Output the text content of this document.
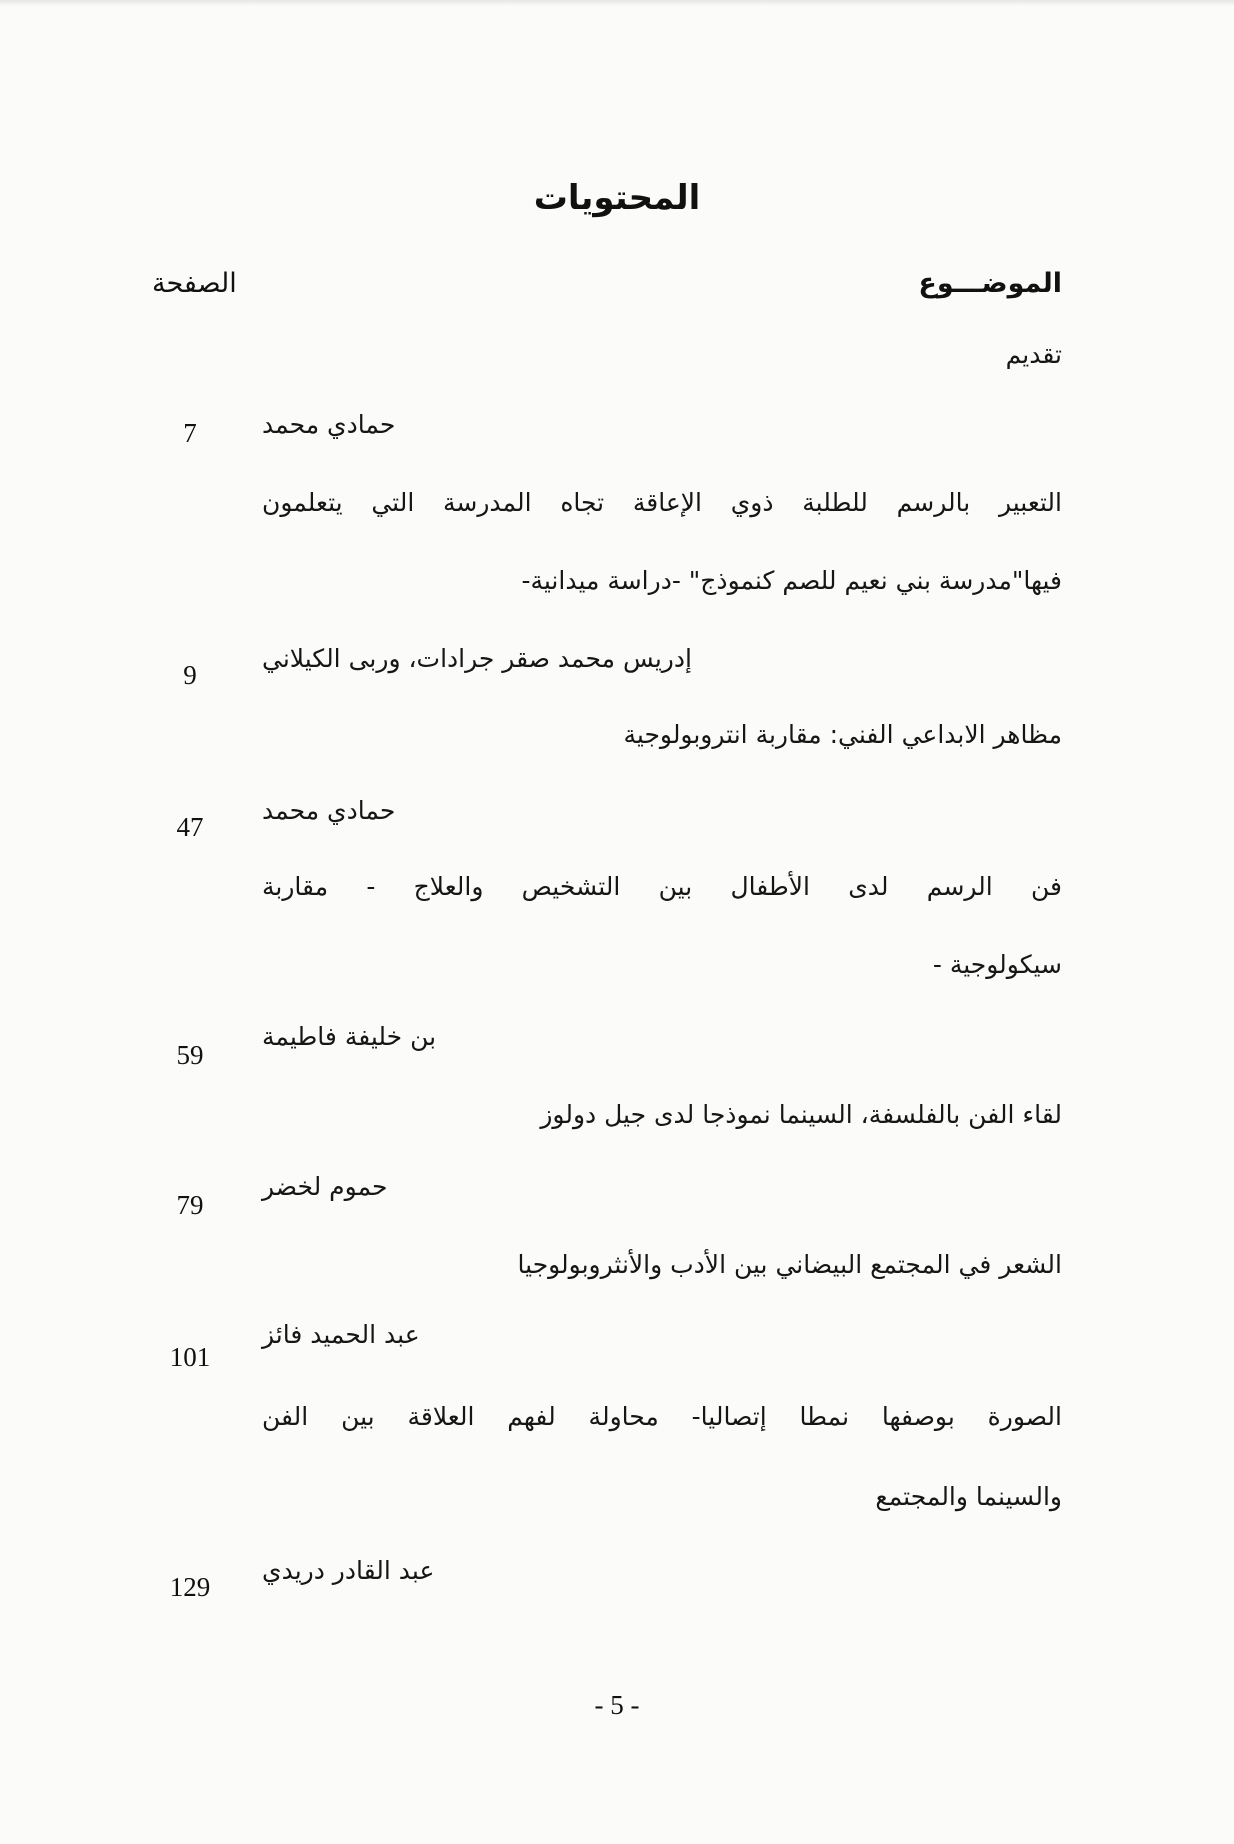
المحتويات
الموضـــوع
الصفحة
تقديم
حمادي محمد
7
التعبير بالرسم للطلبة ذوي الإعاقة تجاه المدرسة التي يتعلمون
فيها"مدرسة بني نعيم للصم كنموذج" -دراسة ميدانية-
إدريس محمد صقر جرادات، وربى الكيلاني
9
مظاهر الابداعي الفني: مقاربة انتروبولوجية
حمادي محمد
47
فن الرسم لدى الأطفال بين التشخيص والعلاج - مقاربة
سيكولوجية -
بن خليفة فاطيمة
59
لقاء الفن بالفلسفة، السينما نموذجا لدى جيل دولوز
حموم لخضر
79
الشعر في المجتمع البيضاني بين الأدب والأنثروبولوجيا
عبد الحميد فائز
101
الصورة بوصفها نمطا إتصاليا- محاولة لفهم العلاقة بين الفن
والسينما والمجتمع
عبد القادر دريدي
129
- 5 -
